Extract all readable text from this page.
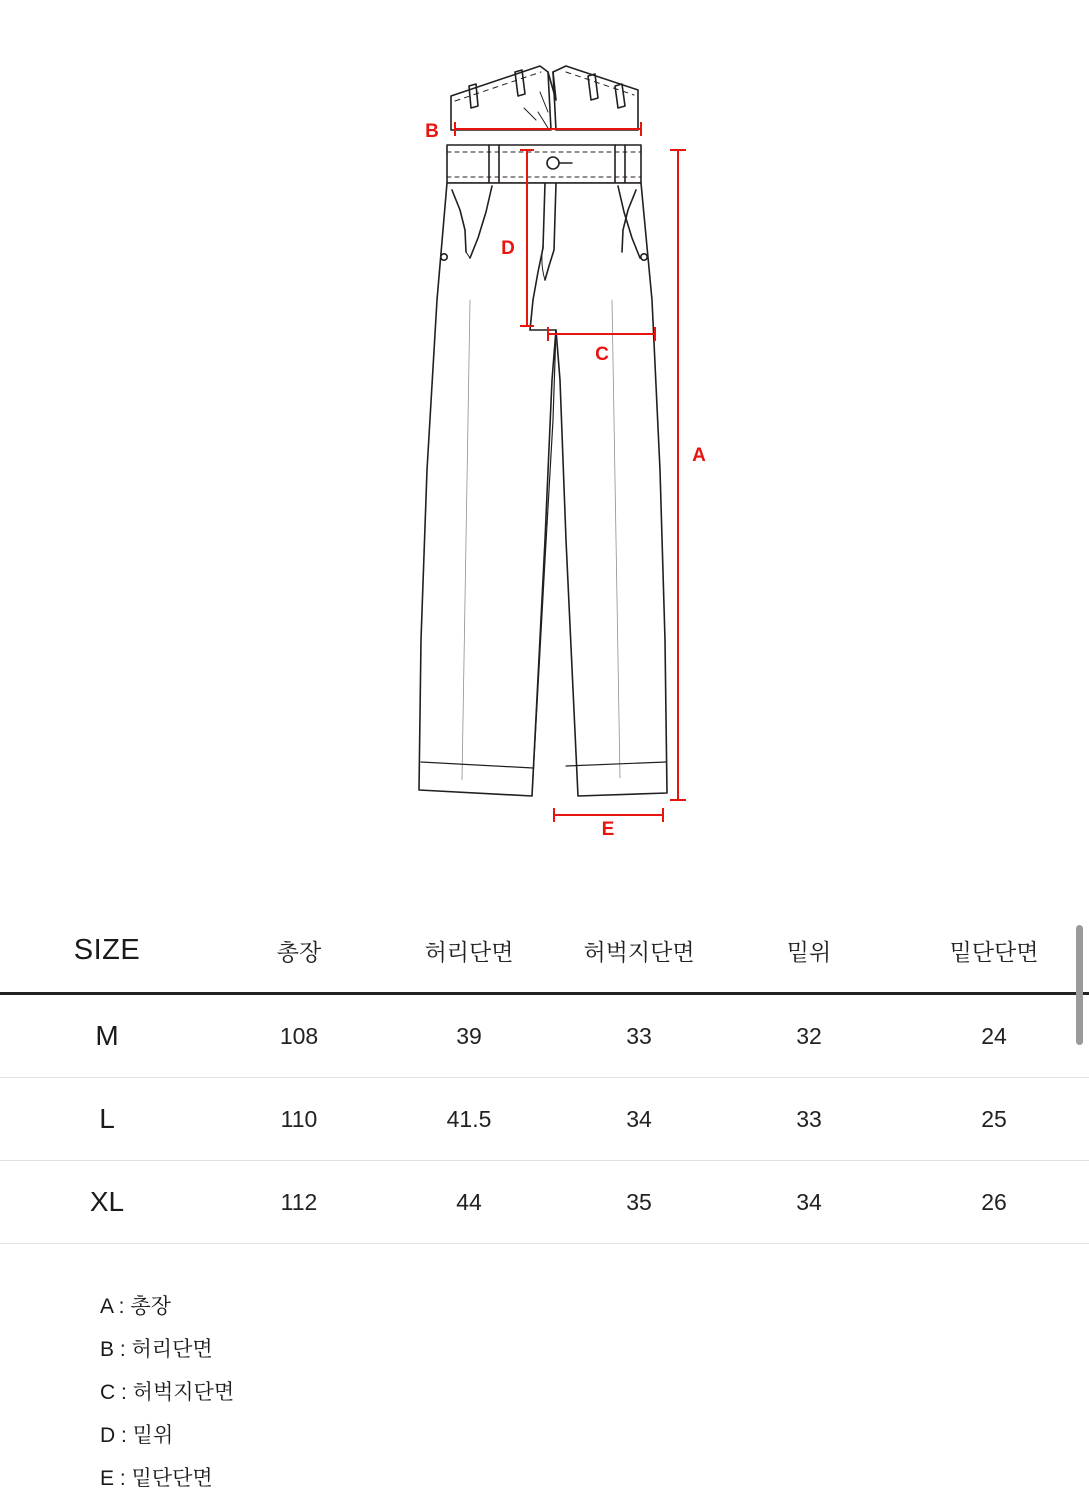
B
D
C
A
E
SIZE	총장	허리단면	허벅지단면	밑위	밑단단면
M	108	39	33	32	24
L	110	41.5	34	33	25
XL	112	44	35	34	26
A : 총장
B : 허리단면
C : 허벅지단면
D : 밑위
E : 밑단단면
